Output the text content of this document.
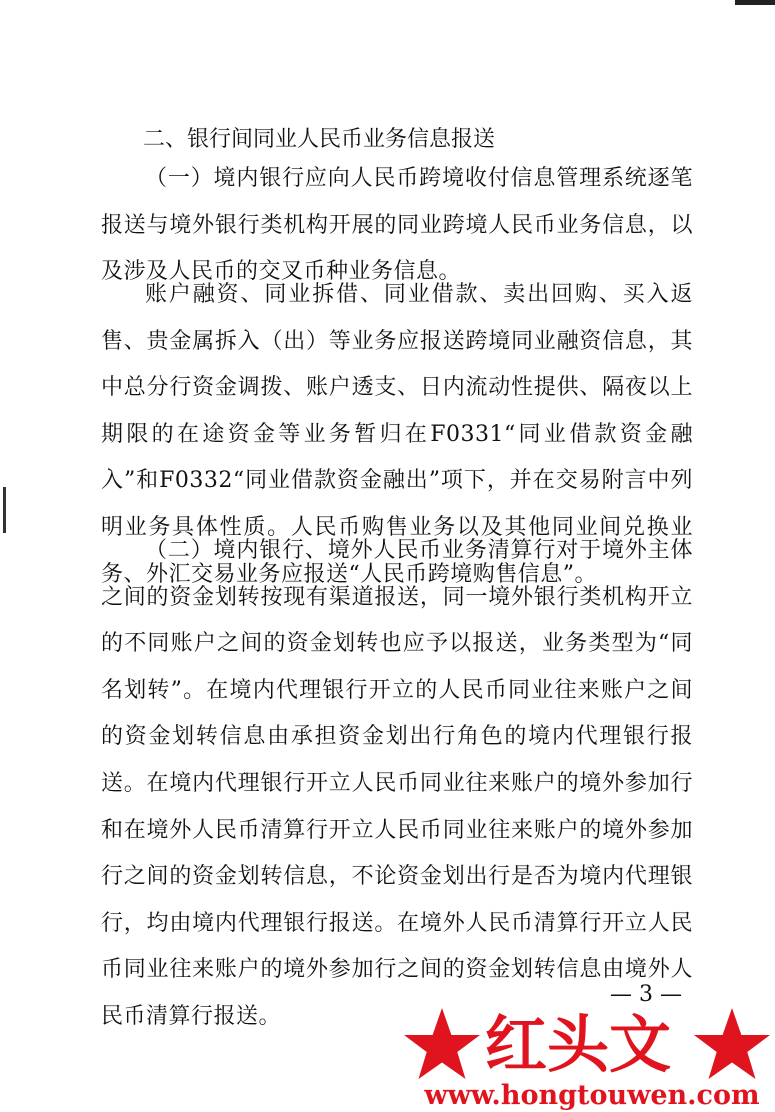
二、银行间同业人民币业务信息报送

（一）境内银行应向人民币跨境收付信息管理系统逐笔报送与境外银行类机构开展的同业跨境人民币业务信息，以及涉及人民币的交叉币种业务信息。

账户融资、同业拆借、同业借款、卖出回购、买入返售、贵金属拆入（出）等业务应报送跨境同业融资信息，其中总分行资金调拨、账户透支、日内流动性提供、隔夜以上期限的在途资金等业务暂归在F0331“同业借款资金融入”和F0332“同业借款资金融出”项下，并在交易附言中列明业务具体性质。人民币购售业务以及其他同业间兑换业务、外汇交易业务应报送“人民币跨境购售信息”。

（二）境内银行、境外人民币业务清算行对于境外主体之间的资金划转按现有渠道报送，同一境外银行类机构开立的不同账户之间的资金划转也应予以报送，业务类型为“同名划转”。在境内代理银行开立的人民币同业往来账户之间的资金划转信息由承担资金划出行角色的境内代理银行报送。在境内代理银行开立人民币同业往来账户的境外参加行和在境外人民币清算行开立人民币同业往来账户的境外参加行之间的资金划转信息，不论资金划出行是否为境内代理银行，均由境内代理银行报送。在境外人民币清算行开立人民币同业往来账户的境外参加行之间的资金划转信息由境外人民币清算行报送。

— 3 —
红头文
www.hongtouwen.com
